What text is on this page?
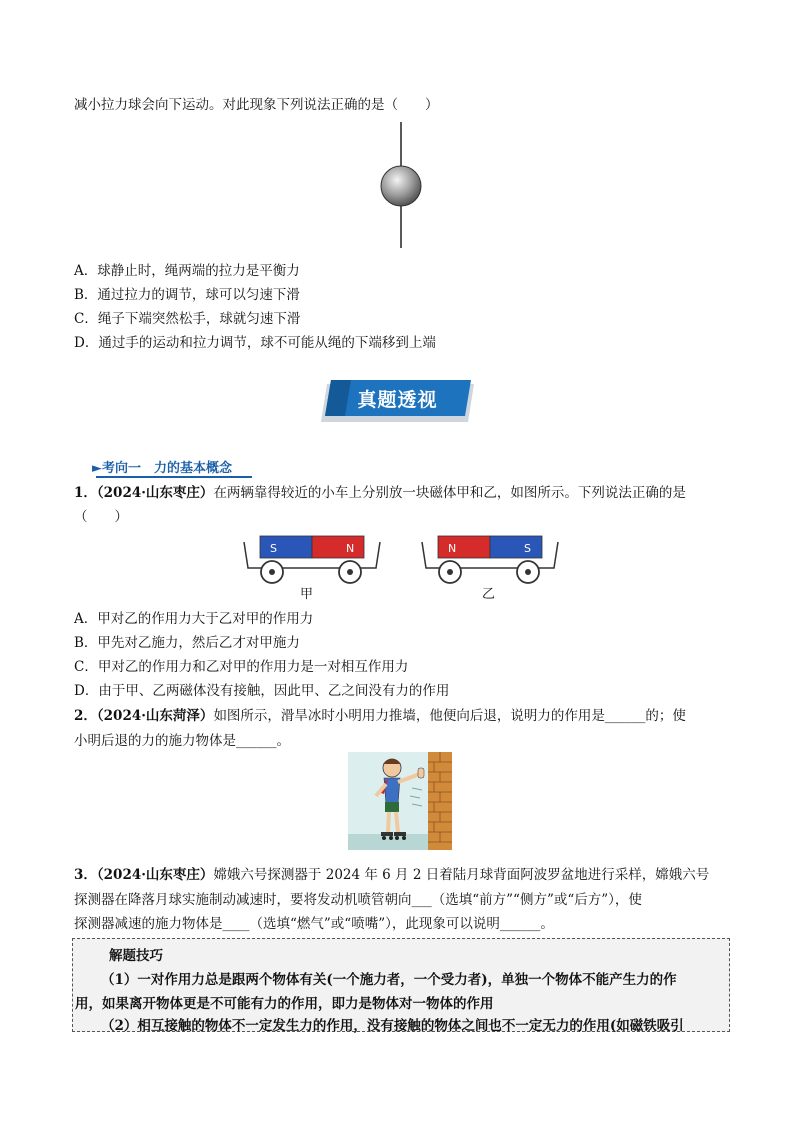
减小拉力球会向下运动。对此现象下列说法正确的是（　　）
A．球静止时，绳两端的拉力是平衡力
B．通过拉力的调节，球可以匀速下滑
C．绳子下端突然松手，球就匀速下滑
D．通过手的运动和拉力调节，球不可能从绳的下端移到上端
真题透视
►考向一　力的基本概念
1．（2024·山东枣庄）在两辆靠得较近的小车上分别放一块磁体甲和乙，如图所示。下列说法正确的是
（　　）
S	N
甲
N	S
乙
A．甲对乙的作用力大于乙对甲的作用力
B．甲先对乙施力，然后乙才对甲施力
C．甲对乙的作用力和乙对甲的作用力是一对相互作用力
D．由于甲、乙两磁体没有接触，因此甲、乙之间没有力的作用
2．（2024·山东菏泽）如图所示，滑旱冰时小明用力推墙，他便向后退，说明力的作用是______的；使
小明后退的力的施力物体是______。
3．（2024·山东枣庄）嫦娥六号探测器于 2024 年 6 月 2 日着陆月球背面阿波罗盆地进行采样，嫦娥六号
探测器在降落月球实施制动减速时，要将发动机喷管朝向___（选填“前方”“侧方”或“后方”），使
探测器减速的施力物体是____（选填“燃气”或“喷嘴”），此现象可以说明______。
解题技巧
（1）一对作用力总是跟两个物体有关(一个施力者，一个受力者)，单独一个物体不能产生力的作
用，如果离开物体更是不可能有力的作用，即力是物体对一物体的作用
（2）相互接触的物体不一定发生力的作用，没有接触的物体之间也不一定无力的作用(如磁铁吸引
